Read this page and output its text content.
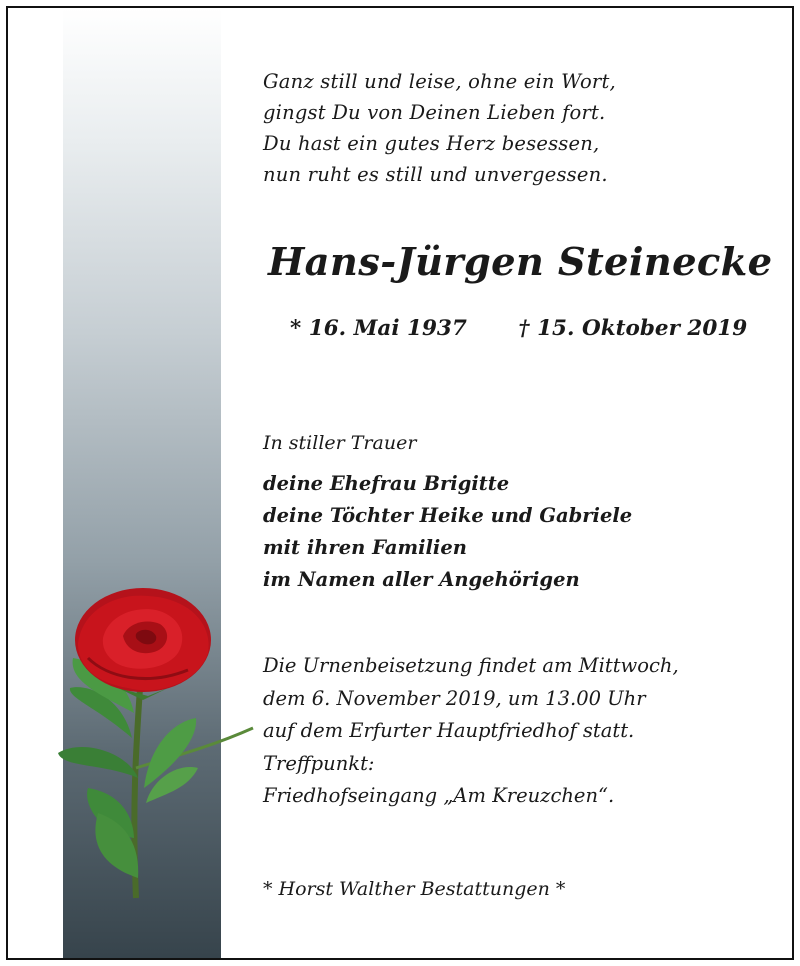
Ganz still und leise, ohne ein Wort,
gingst Du von Deinen Lieben fort.
Du hast ein gutes Herz besessen,
nun ruht es still und unvergessen.
Hans-Jürgen Steinecke
* 16. Mai 1937 † 15. Oktober 2019
In stiller Trauer
deine Ehefrau Brigitte
deine Töchter Heike und Gabriele
mit ihren Familien
im Namen aller Angehörigen
Die Urnenbeisetzung findet am Mittwoch,
dem 6. November 2019, um 13.00 Uhr
auf dem Erfurter Hauptfriedhof statt.
Treffpunkt:
Friedhofseingang „Am Kreuzchen“.
* Horst Walther Bestattungen *
